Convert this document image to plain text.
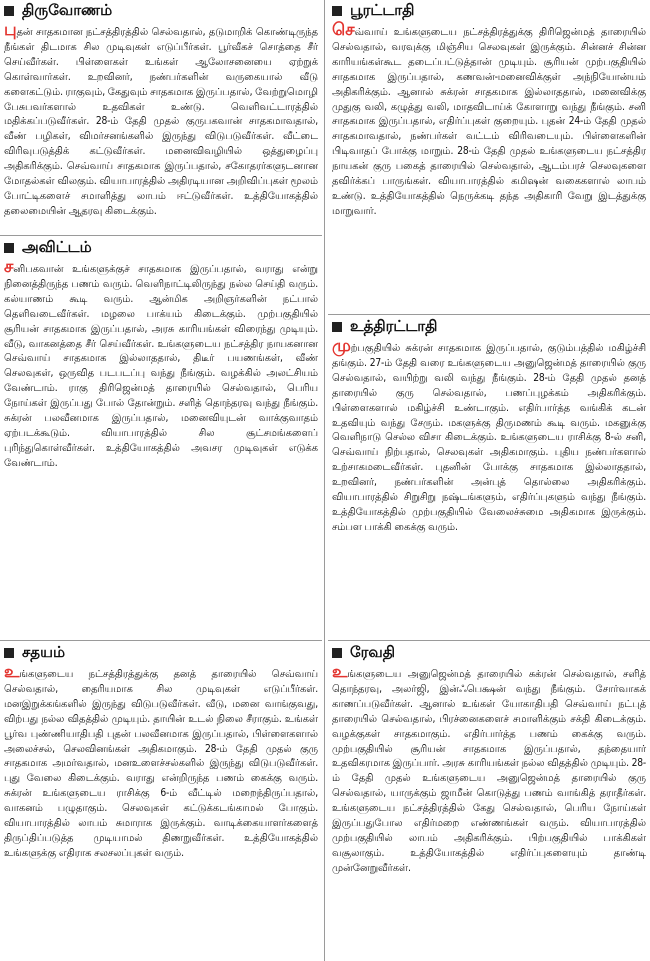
திருவோணம்
புதன் சாதகமான நட்சத்திரத்தில் செல்வதால், தடுமாறிக் கொண்டிருந்த நீங்கள் திடமாக சில முடிவுகள் எடுப்பீர்கள். பூர்வீகச் சொத்தை சீர் செய்வீர்கள். பிள்ளைகள் உங்கள் ஆலோசனையை ஏற்றுக் கொள்வார்கள். உறவினர், நண்பர்களின் வருகையால் வீடு களைகட்டும். ராகுவும், கேதுவும் சாதகமாக இருப்பதால், வேற்றுமொழி பேசுபவர்களால் உதவிகள் உண்டு. வெளிவட்டாரத்தில் மதிக்கப்படுவீர்கள். 28-ம் தேதி முதல் குருபகவான் சாதகமாவதால், வீண் பழிகள், விமர்சனங்களில் இருந்து விடுபடுவீர்கள். வீட்டை விரிவுபடுத்திக் கட்டுவீர்கள். மனைவிவழியில் ஒத்துழைப்பு அதிகரிக்கும். செவ்வாய் சாதகமாக இருப்பதால், சகோதரர்களுடனான மோதல்கள் விலகும். வியாபாரத்தில் அதிரடியான அறிவிப்புகள் மூலம் போட்டிகளைச் சமாளித்து லாபம் ஈட்டுவீர்கள். உத்தியோகத்தில் தலைமையின் ஆதரவு கிடைக்கும்.
அவிட்டம்
சனிபகவான் உங்களுக்குச் சாதகமாக இருப்பதால், வராது என்று நினைத்திருந்த பணம் வரும். வெளிநாட்டிலிருந்து நல்ல செய்தி வரும். கல்யாணம் கூடி வரும். ஆன்மிக அறிஞர்களின் நட்பால் தெளிவடைவீர்கள். மழலை பாக்யம் கிடைக்கும். முற்பகுதியில் சூரியன் சாதகமாக இருப்பதால், அரசு காரியங்கள் விரைந்து முடியும். வீடு, வாகனத்தை சீர் செய்வீர்கள். உங்களுடைய நட்சத்திர நாயகனான செவ்வாய் சாதகமாக இல்லாததால், திடீர் பயணங்கள், வீண் செலவுகள், ஒருவித படபடப்பு வந்து நீங்கும். வழக்கில் அலட்சியம் வேண்டாம். ராகு திரிஜென்மத் தாரையில் செல்வதால், பெரிய நோய்கள் இருப்பது போல் தோன்றும். சளித் தொந்தரவு வந்து நீங்கும். சுக்ரன் பலவீனமாக இருப்பதால், மனைவியுடன் வாக்குவாதம் ஏற்படக்கூடும். வியாபாரத்தில் சில சூட்சமங்களைப் புரிந்துகொள்வீர்கள். உத்தியோகத்தில் அவசர முடிவுகள் எடுக்க வேண்டாம்.
சதயம்
உங்களுடைய நட்சத்திரத்துக்கு தனத் தாரையில் செவ்வாய் செல்வதால், தைரியமாக சில முடிவுகள் எடுப்பீர்கள். மனஇறுக்கங்களில் இருந்து விடுபடுவீர்கள். வீடு, மனை வாங்குவது, விற்பது நல்ல விதத்தில் முடியும். தாயின் உடல் நிலை சீராகும். உங்கள் பூர்வ புண்ணியாதிபதி புதன் பலவீனமாக இருப்பதால், பிள்ளைகளால் அலைச்சல், செலவினங்கள் அதிகமாகும். 28-ம் தேதி முதல் குரு சாதகமாக அமர்வதால், மனஉளைச்சல்களில் இருந்து விடுபடுவீர்கள். புது வேலை கிடைக்கும். வராது என்றிருந்த பணம் கைக்கு வரும். சுக்ரன் உங்களுடைய ராசிக்கு 6-ம் வீட்டில் மறைந்திருப்பதால், வாகனம் பழுதாகும். செலவுகள் கட்டுக்கடங்காமல் போகும். வியாபாரத்தில் லாபம் சுமாராக இருக்கும். வாடிக்கையாளர்களைத் திருப்திப்படுத்த முடியாமல் திணறுவீர்கள். உத்தியோகத்தில் உங்களுக்கு எதிராக சலசலப்புகள் வரும்.
பூரட்டாதி
செவ்வாய் உங்களுடைய நட்சத்திரத்துக்கு திரிஜென்மத் தாரையில் செல்வதால், வரவுக்கு மிஞ்சிய செலவுகள் இருக்கும். சின்னச் சின்ன காரியங்கள்கூட தடைப்பட்டுத்தான் முடியும். சூரியன் முற்பகுதியில் சாதகமாக இருப்பதால், கணவன்-மனைவிக்குள் அந்நியோன்யம் அதிகரிக்கும். ஆனால் சுக்ரன் சாதகமாக இல்லாததால், மனைவிக்கு முதுகு வலி, கழுத்து வலி, மாதவிடாய்க் கோளாறு வந்து நீங்கும். சனி சாதகமாக இருப்பதால், எதிர்ப்புகள் குறையும். புதன் 24-ம் தேதி முதல் சாதகமாவதால், நண்பர்கள் வட்டம் விரிவடையும். பிள்ளைகளின் பிடிவாதப் போக்கு மாறும். 28-ம் தேதி முதல் உங்களுடைய நட்சத்திர நாயகன் குரு பகைத் தாரையில் செல்வதால், ஆடம்பரச் செலவுகளை தவிர்க்கப் பாருங்கள். வியாபாரத்தில் கமிஷன் வகைகளால் லாபம் உண்டு. உத்தியோகத்தில் நெருக்கடி தந்த அதிகாரி வேறு இடத்துக்கு மாறுவார்.
உத்திரட்டாதி
முற்பகுதியில் சுக்ரன் சாதகமாக இருப்பதால், குடும்பத்தில் மகிழ்ச்சி தங்கும். 27-ம் தேதி வரை உங்களுடைய அனுஜென்மத் தாரையில் குரு செல்வதால், வயிற்று வலி வந்து நீங்கும். 28-ம் தேதி முதல் தனத் தாரையில் குரு செல்வதால், பணப்புழக்கம் அதிகரிக்கும். பிள்ளைகளால் மகிழ்ச்சி உண்டாகும். எதிர்பார்த்த வங்கிக் கடன் உதவியும் வந்து சேரும். மகளுக்கு திருமணம் கூடி வரும். மகனுக்கு வெளிநாடு செல்ல விசா கிடைக்கும். உங்களுடைய ராசிக்கு 8-ல் சனி, செவ்வாய் நிற்பதால், செலவுகள் அதிகமாகும். புதிய நண்பர்களால் உற்சாகமடைவீர்கள். புதனின் போக்கு சாதகமாக இல்லாததால், உறவினர், நண்பர்களின் அன்புத் தொல்லை அதிகரிக்கும். வியாபாரத்தில் சிறுசிறு நஷ்டங்களும், எதிர்ப்புகளும் வந்து நீங்கும். உத்தியோகத்தில் முற்பகுதியில் வேலைச்சுமை அதிகமாக இருக்கும். சம்பள பாக்கி கைக்கு வரும்.
ரேவதி
உங்களுடைய அனுஜென்மத் தாரையில் சுக்ரன் செல்வதால், சளித் தொந்தரவு, அலர்ஜி, இன்ஃபெக்ஷன் வந்து நீங்கும். சோர்வாகக் காணப்படுவீர்கள். ஆனால் உங்கள் யோகாதிபதி செவ்வாய் நட்புத் தாரையில் செல்வதால், பிரச்னைகளைச் சமாளிக்கும் சக்தி கிடைக்கும். வழக்குகள் சாதகமாகும். எதிர்பார்த்த பணம் கைக்கு வரும். முற்பகுதியில் சூரியன் சாதகமாக இருப்பதால், தந்தையார் உதவிகரமாக இருப்பார். அரசு காரியங்கள் நல்ல விதத்தில் முடியும். 28-ம் தேதி முதல் உங்களுடைய அனுஜென்மத் தாரையில் குரு செல்வதால், யாருக்கும் ஜாமீன் கொடுத்து பணம் வாங்கித் தராதீர்கள். உங்களுடைய நட்சத்திரத்தில் கேது செல்வதால், பெரிய நோய்கள் இருப்பதுபோல எதிர்மறை எண்ணங்கள் வரும். வியாபாரத்தில் முற்பகுதியில் லாபம் அதிகரிக்கும். பிற்பகுதியில் பாக்கிகள் வசூலாகும். உத்தியோகத்தில் எதிர்ப்புகளையும் தாண்டி முன்னேறுவீர்கள்.
